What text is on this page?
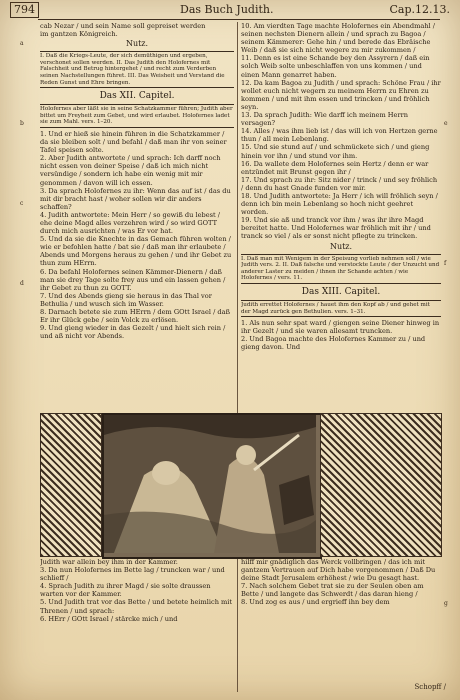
794	Das Buch Judith.	Cap.12.13.
a
b
c
d
e
f
g

cab Nezar / und sein Name soll gepreiset werden

im gantzen Königreich.

Nutz.
I. Daß die Kriegs-Leute, der sich demüthigen und ergeben, verschonet sollen werden. II. Das Judith den Holofernes mit Falschheit und Betrug hintergehet / und recht zum Verderben seinen Nachstellungen führet. III. Das Weisheit und Verstand die Reden Gunst und Ehre bringen.
Das XII. Capitel.
Holofernes aber läßt sie in seine Schatzkammer führen; Judith aber bittet um Freyheit zum Gebet, und wird erlaubet. Holofernes ladet sie zum Mahl. vers. 1–20.

1. Und er hieß sie hinein führen in die Schatzkammer / da sie bleiben solt / und befahl / daß man ihr von seiner Tafel speisen solte.

2. Aber Judith antwortete / und sprach: Ich darff noch nicht essen von deiner Speise / daß ich mich nicht versündige / sondern ich habe ein wenig mit mir genommen / davon will ich essen.

3. Da sprach Holofernes zu ihr: Wenn das auf ist / das du mit dir bracht hast / woher sollen wir dir anders schaffen?

4. Judith antwortete: Mein Herr / so gewiß du lebest / ehe deine Magd alles verzehren wird / so wird GOTT durch mich ausrichten / was Er vor hat.

5. Und da sie die Knechte in das Gemach führen wolten / wie er befohlen hatte / bat sie / daß man ihr erlaubete / Abends und Morgens heraus zu gehen / und ihr Gebet zu thun zum HErrn.

6. Da befahl Holofernes seinen Kämmer-Dienern / daß man sie drey Tage solte frey aus und ein lassen gehen / ihr Gebet zu thun zu GOTT.

7. Und des Abends gieng sie heraus in das Thal vor Bethulia / und wusch sich im Wasser.

8. Darnach betete sie zum HErrn / dem GOtt Israel / daß Er ihr Glück gebe / sein Volck zu erlösen.

9. Und gieng wieder in das Gezelt / und hielt sich rein / und aß nicht vor Abends.

10. Am vierdten Tage machte Holofernes ein Abendmahl / seinen nechsten Dienern allein / und sprach zu Bagoa / seinem Kämmerer: Gehe hin / und berede das Ebräische Weib / daß sie sich nicht wegere zu mir zukommen /

11. Denn es ist eine Schande bey den Assyrern / daß ein solch Weib solte unbeschlaffen von uns kommen / und einen Mann genarret haben.

12. Da kam Bagoa zu Judith / und sprach: Schöne Frau / ihr wollet euch nicht wegern zu meinem Herrn zu Ehren zu kommen / und mit ihm essen und trincken / und fröhlich seyn.

13. Da sprach Judith: Wie darff ich meinem Herrn versagen?

14. Alles / was ihm lieb ist / das will ich von Hertzen gerne thun / all mein Lebenlang.

15. Und sie stund auf / und schmückete sich / und gieng hinein vor ihn / und stund vor ihm.

16. Da wallete dem Holofernes sein Hertz / denn er war entzündet mit Brunst gegen ihr /

17. Und sprach zu ihr: Sitz nider / trinck / und sey fröhlich / denn du hast Gnade funden vor mir.

18. Und Judith antwortete: Ja Herr / ich will fröhlich seyn / denn ich bin mein Lebenlang so hoch nicht geehret worden.

19. Und sie aß und tranck vor ihm / was ihr ihre Magd bereitet hatte. Und Holofernes war fröhlich mit ihr / und tranck so viel / als er sonst nicht pflegte zu trincken.

Nutz.
I. Daß man mit Wenigem in der Speisung vorlieb nehmen soll / wie Judith vers. 2. II. Daß falsche und verstockte Leute / der Unzucht und anderer Laster zu meiden / ihnen ihr Schande achten / wie Holofernes / vers. 11.
Das XIII. Capitel.
Judith errettet Holofernes / hauet ihm den Kopf ab / und gehet mit der Magd zurück gen Bethulien. vers. 1–31.

1. Als nun sehr spat ward / giengen seine Diener hinweg in ihr Gezelt / und sie waren allesamt truncken.

2. Und Bagoa machte des Holofernes Kammer zu / und gieng davon. Und

Judith war allein bey ihm in der Kammer.

3. Da nun Holofernes im Bette lag / truncken war / und schlieff /

4. Sprach Judith zu ihrer Magd / sie solte draussen warten vor der Kammer.

5. Und Judith trat vor das Bette / und betete heimlich mit Threnen / und sprach:

6. HErr / GOtt Israel / stärcke mich / und

hilff mir gnädiglich das Werck vollbringen / das ich mit gantzem Vertrauen auf Dich habe vorgenommen / Daß Du deine Stadt Jerusalem erhöhest / wie Du gesagt hast.

7. Nach solchem Gebet trat sie zu der Seulen oben am Bette / und langete das Schwerdt / das daran hieng /

8. Und zog es aus / und ergrieff ihn bey dem

Schopff /
